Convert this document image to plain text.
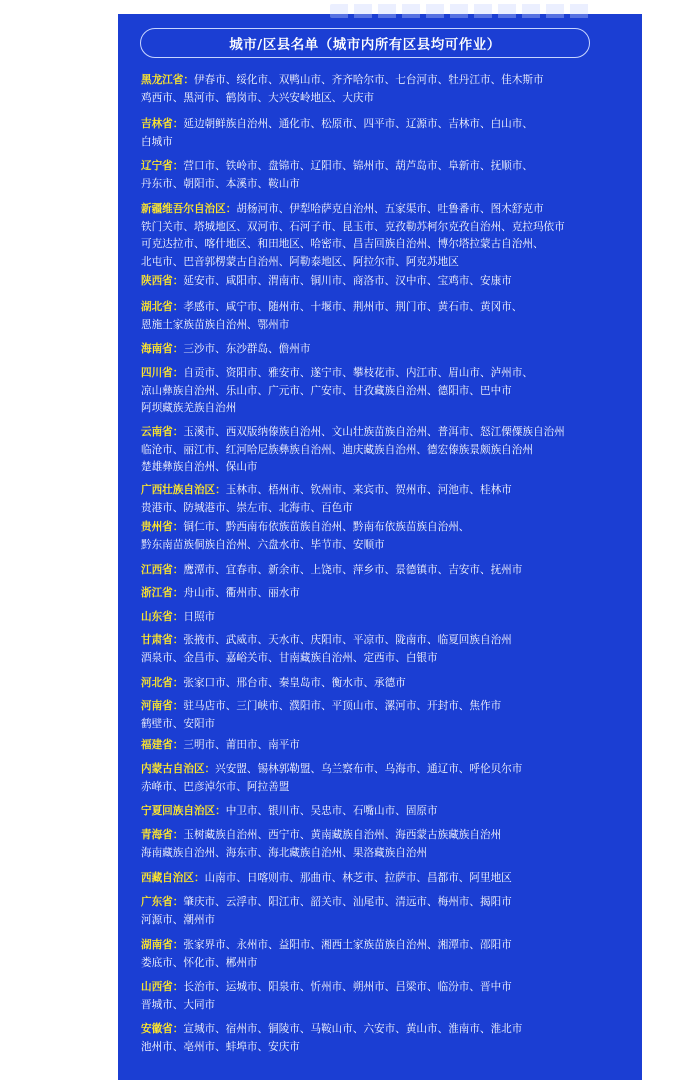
城市/区县名单（城市内所有区县均可作业）
黑龙江省：伊春市、绥化市、双鸭山市、齐齐哈尔市、七台河市、牡丹江市、佳木斯市
鸡西市、黑河市、鹤岗市、大兴安岭地区、大庆市
吉林省：延边朝鲜族自治州、通化市、松原市、四平市、辽源市、吉林市、白山市、
白城市
辽宁省：营口市、铁岭市、盘锦市、辽阳市、锦州市、葫芦岛市、阜新市、抚顺市、
丹东市、朝阳市、本溪市、鞍山市
新疆维吾尔自治区：胡杨河市、伊犁哈萨克自治州、五家渠市、吐鲁番市、图木舒克市
铁门关市、塔城地区、双河市、石河子市、昆玉市、克孜勒苏柯尔克孜自治州、克拉玛依市
可克达拉市、喀什地区、和田地区、哈密市、昌吉回族自治州、博尔塔拉蒙古自治州、
北屯市、巴音郭楞蒙古自治州、阿勒泰地区、阿拉尔市、阿克苏地区
陕西省：延安市、咸阳市、渭南市、铜川市、商洛市、汉中市、宝鸡市、安康市
湖北省：孝感市、咸宁市、随州市、十堰市、荆州市、荆门市、黄石市、黄冈市、
恩施土家族苗族自治州、鄂州市
海南省：三沙市、东沙群岛、儋州市
四川省：自贡市、资阳市、雅安市、遂宁市、攀枝花市、内江市、眉山市、泸州市、
凉山彝族自治州、乐山市、广元市、广安市、甘孜藏族自治州、德阳市、巴中市
阿坝藏族羌族自治州
云南省：玉溪市、西双版纳傣族自治州、文山壮族苗族自治州、普洱市、怒江傈僳族自治州
临沧市、丽江市、红河哈尼族彝族自治州、迪庆藏族自治州、德宏傣族景颇族自治州
楚雄彝族自治州、保山市
广西壮族自治区：玉林市、梧州市、钦州市、来宾市、贺州市、河池市、桂林市
贵港市、防城港市、崇左市、北海市、百色市
贵州省：铜仁市、黔西南布依族苗族自治州、黔南布依族苗族自治州、
黔东南苗族侗族自治州、六盘水市、毕节市、安顺市
江西省：鹰潭市、宜春市、新余市、上饶市、萍乡市、景德镇市、吉安市、抚州市
浙江省：舟山市、衢州市、丽水市
山东省：日照市
甘肃省：张掖市、武威市、天水市、庆阳市、平凉市、陇南市、临夏回族自治州
酒泉市、金昌市、嘉峪关市、甘南藏族自治州、定西市、白银市
河北省：张家口市、邢台市、秦皇岛市、衡水市、承德市
河南省：驻马店市、三门峡市、濮阳市、平顶山市、漯河市、开封市、焦作市
鹤壁市、安阳市
福建省：三明市、莆田市、南平市
内蒙古自治区：兴安盟、锡林郭勒盟、乌兰察布市、乌海市、通辽市、呼伦贝尔市
赤峰市、巴彦淖尔市、阿拉善盟
宁夏回族自治区：中卫市、银川市、吴忠市、石嘴山市、固原市
青海省：玉树藏族自治州、西宁市、黄南藏族自治州、海西蒙古族藏族自治州
海南藏族自治州、海东市、海北藏族自治州、果洛藏族自治州
西藏自治区：山南市、日喀则市、那曲市、林芝市、拉萨市、昌都市、阿里地区
广东省：肇庆市、云浮市、阳江市、韶关市、汕尾市、清远市、梅州市、揭阳市
河源市、潮州市
湖南省：张家界市、永州市、益阳市、湘西土家族苗族自治州、湘潭市、邵阳市
娄底市、怀化市、郴州市
山西省：长治市、运城市、阳泉市、忻州市、朔州市、吕梁市、临汾市、晋中市
晋城市、大同市
安徽省：宣城市、宿州市、铜陵市、马鞍山市、六安市、黄山市、淮南市、淮北市
池州市、亳州市、蚌埠市、安庆市
